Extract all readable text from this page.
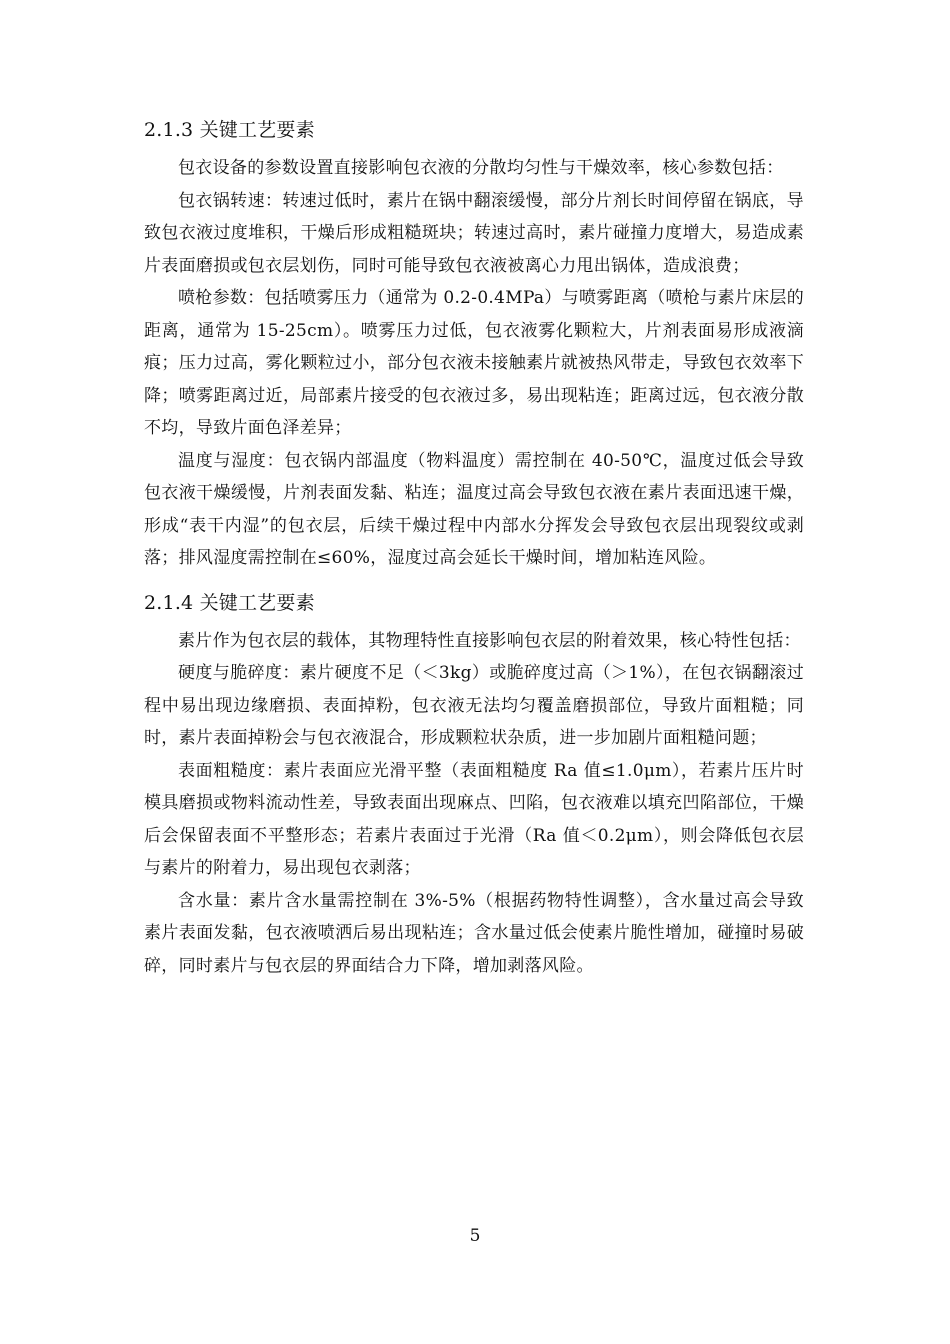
2.1.3 关键工艺要素

包衣设备的参数设置直接影响包衣液的分散均匀性与干燥效率，核心参数包括：

包衣锅转速：转速过低时，素片在锅中翻滚缓慢，部分片剂长时间停留在锅底，导致包衣液过度堆积，干燥后形成粗糙斑块；转速过高时，素片碰撞力度增大，易造成素片表面磨损或包衣层划伤，同时可能导致包衣液被离心力甩出锅体，造成浪费；

喷枪参数：包括喷雾压力（通常为 0.2-0.4MPa）与喷雾距离（喷枪与素片床层的距离，通常为 15-25cm）。喷雾压力过低，包衣液雾化颗粒大，片剂表面易形成液滴痕；压力过高，雾化颗粒过小，部分包衣液未接触素片就被热风带走，导致包衣效率下降；喷雾距离过近，局部素片接受的包衣液过多，易出现粘连；距离过远，包衣液分散不均，导致片面色泽差异；

温度与湿度：包衣锅内部温度（物料温度）需控制在 40-50℃，温度过低会导致包衣液干燥缓慢，片剂表面发黏、粘连；温度过高会导致包衣液在素片表面迅速干燥，形成“表干内湿”的包衣层，后续干燥过程中内部水分挥发会导致包衣层出现裂纹或剥落；排风湿度需控制在≤60%，湿度过高会延长干燥时间，增加粘连风险。

2.1.4 关键工艺要素

素片作为包衣层的载体，其物理特性直接影响包衣层的附着效果，核心特性包括：

硬度与脆碎度：素片硬度不足（＜3kg）或脆碎度过高（＞1%），在包衣锅翻滚过程中易出现边缘磨损、表面掉粉，包衣液无法均匀覆盖磨损部位，导致片面粗糙；同时，素片表面掉粉会与包衣液混合，形成颗粒状杂质，进一步加剧片面粗糙问题；

表面粗糙度：素片表面应光滑平整（表面粗糙度 Ra 值≤1.0μm），若素片压片时模具磨损或物料流动性差，导致表面出现麻点、凹陷，包衣液难以填充凹陷部位，干燥后会保留表面不平整形态；若素片表面过于光滑（Ra 值＜0.2μm），则会降低包衣层与素片的附着力，易出现包衣剥落；

含水量：素片含水量需控制在 3%-5%（根据药物特性调整），含水量过高会导致素片表面发黏，包衣液喷洒后易出现粘连；含水量过低会使素片脆性增加，碰撞时易破碎，同时素片与包衣层的界面结合力下降，增加剥落风险。

5
